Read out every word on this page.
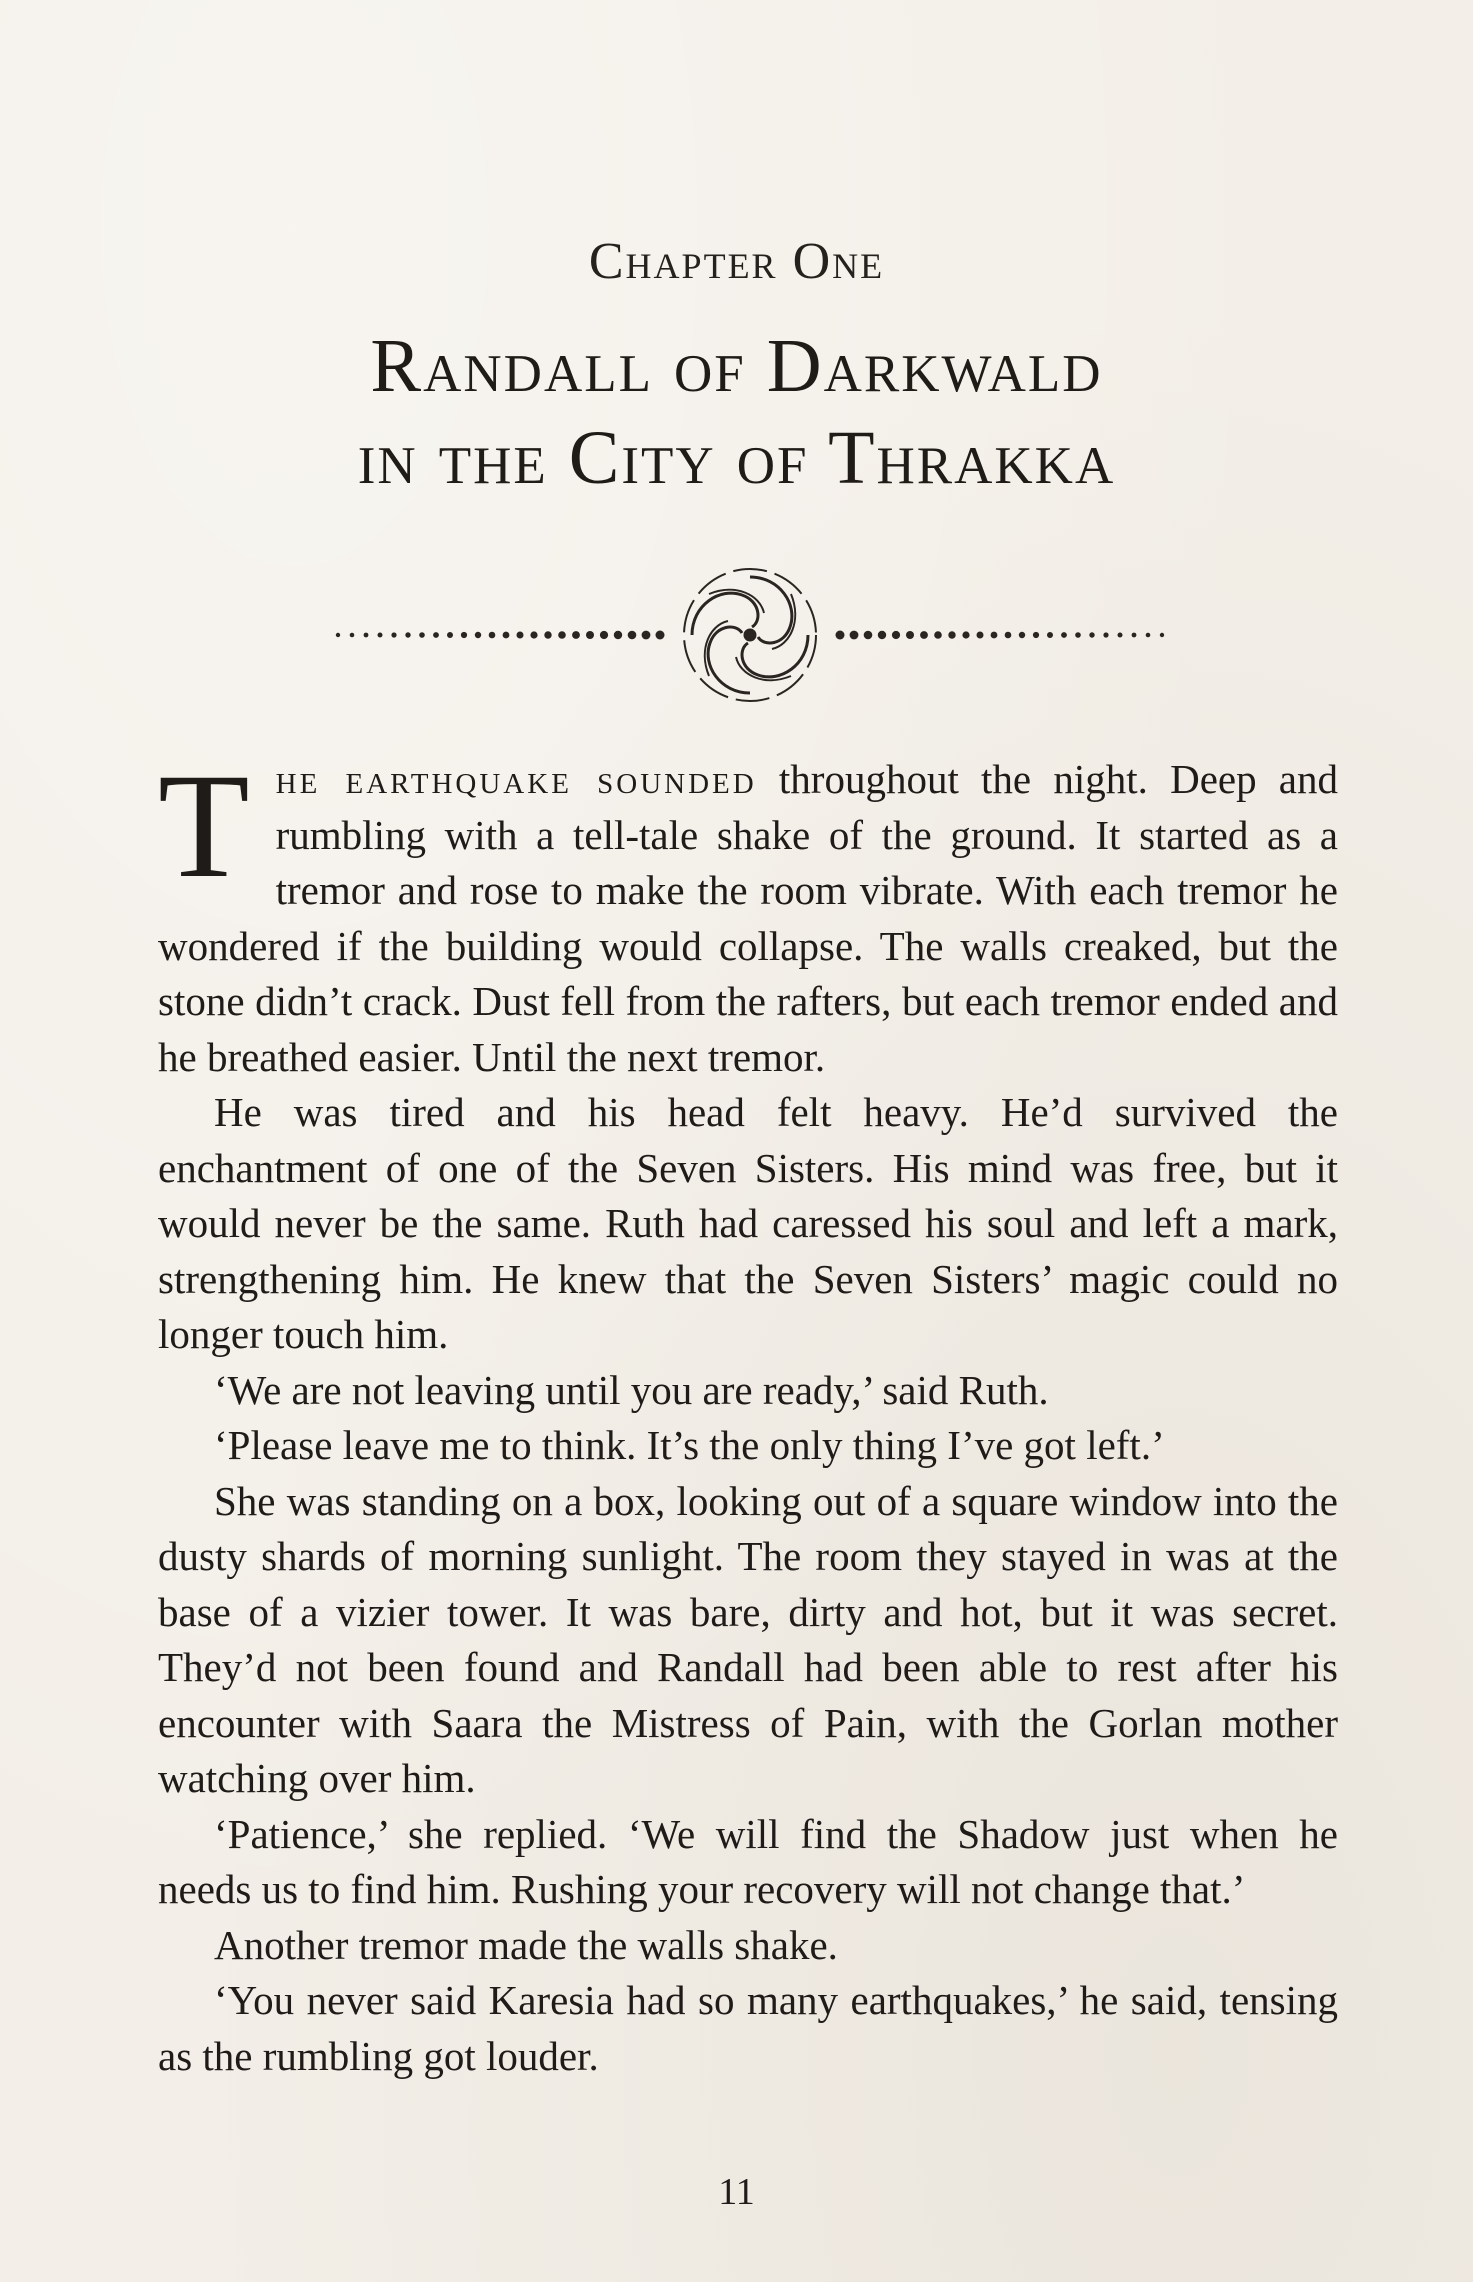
Chapter One
Randall of Darkwald
in the City of Thrakka

The earthquake sounded throughout the night. Deep and rumbling with a tell-tale shake of the ground. It started as a tremor and rose to make the room vibrate. With each tremor he wondered if the building would collapse. The walls creaked, but the stone didn’t crack. Dust fell from the rafters, but each tremor ended and he breathed easier. Until the next tremor.

He was tired and his head felt heavy. He’d survived the enchantment of one of the Seven Sisters. His mind was free, but it would never be the same. Ruth had caressed his soul and left a mark, strengthening him. He knew that the Seven Sisters’ magic could no longer touch him.

‘We are not leaving until you are ready,’ said Ruth.

‘Please leave me to think. It’s the only thing I’ve got left.’

She was standing on a box, looking out of a square window into the dusty shards of morning sunlight. The room they stayed in was at the base of a vizier tower. It was bare, dirty and hot, but it was secret. They’d not been found and Randall had been able to rest after his encounter with Saara the Mistress of Pain, with the Gorlan mother watching over him.

‘Patience,’ she replied. ‘We will find the Shadow just when he needs us to find him. Rushing your recovery will not change that.’

Another tremor made the walls shake.

‘You never said Karesia had so many earthquakes,’ he said, tensing as the rumbling got louder.

11
